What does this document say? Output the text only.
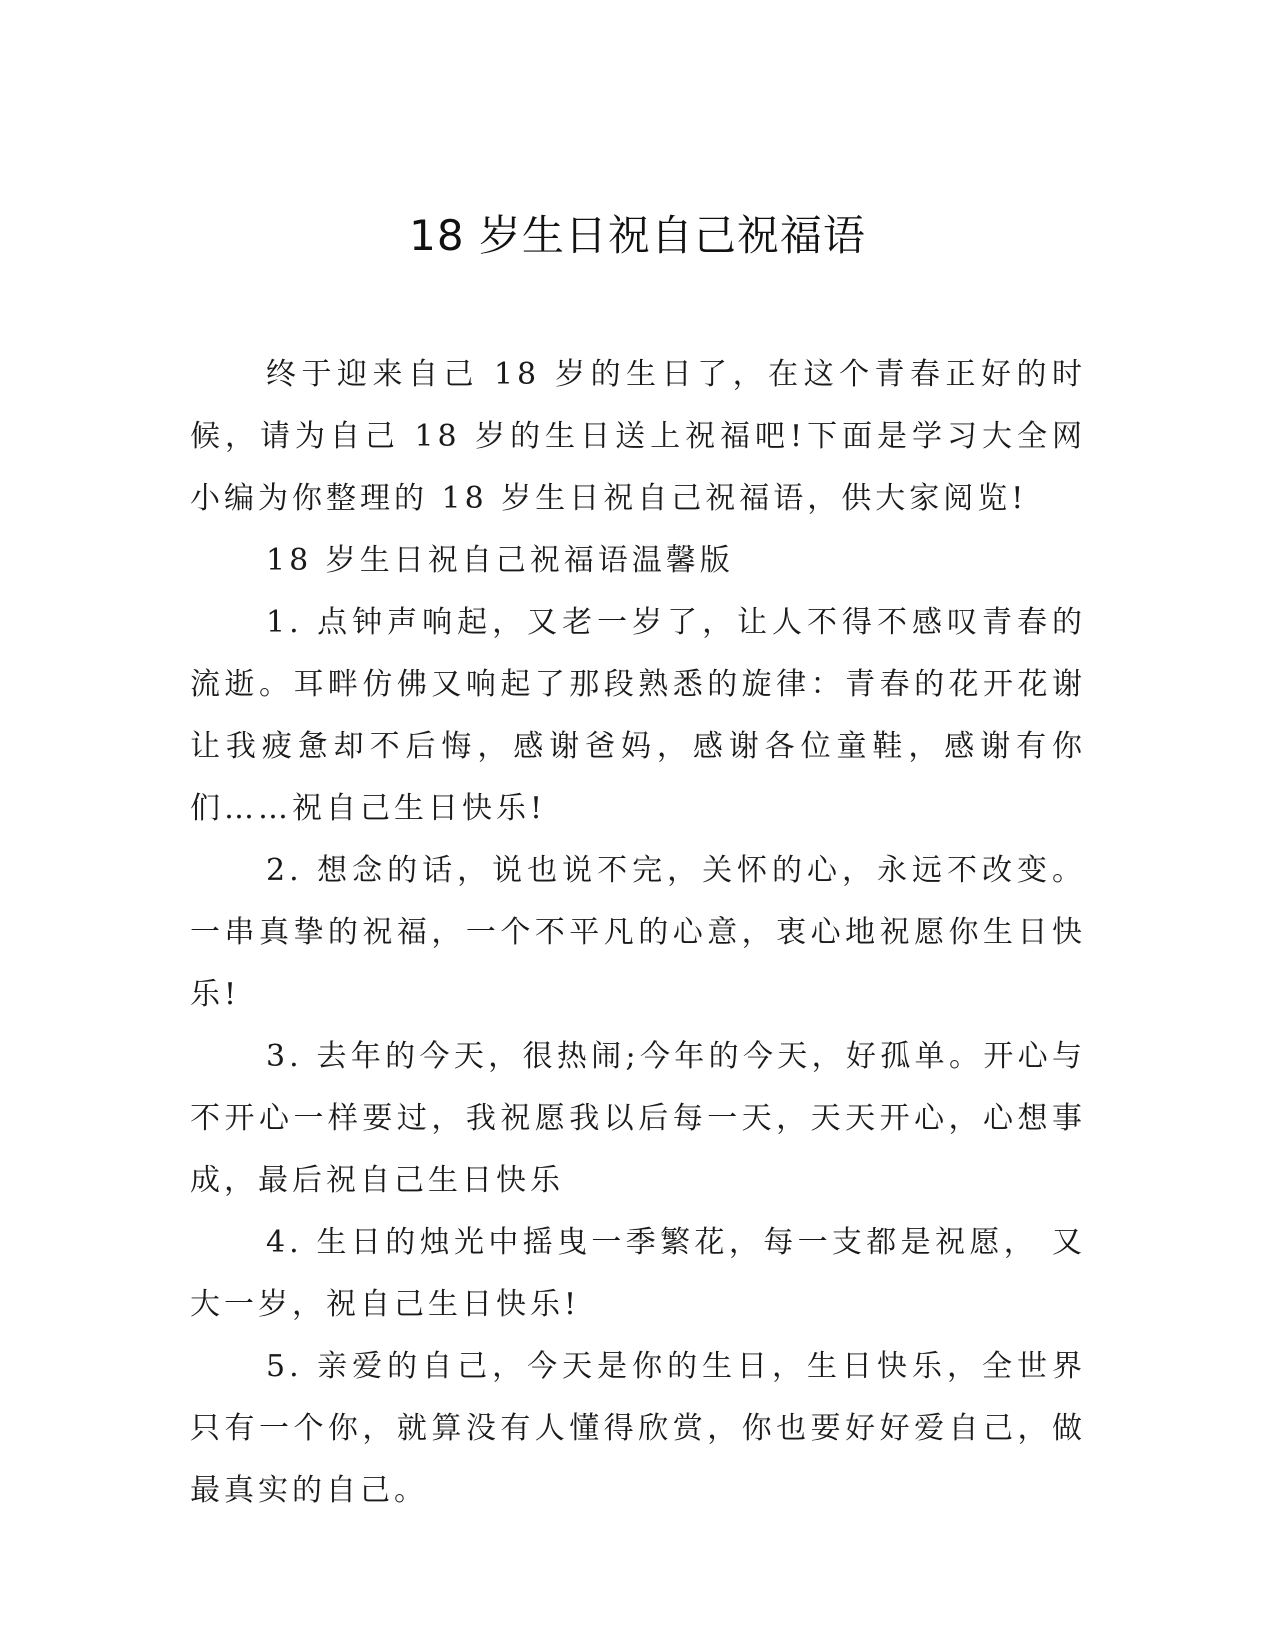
18 岁生日祝自己祝福语

终于迎来自己 18 岁的生日了，在这个青春正好的时候，请为自己 18 岁的生日送上祝福吧!下面是学习大全网小编为你整理的 18 岁生日祝自己祝福语，供大家阅览!

18 岁生日祝自己祝福语温馨版

1. 点钟声响起，又老一岁了，让人不得不感叹青春的流逝。耳畔仿佛又响起了那段熟悉的旋律：青春的花开花谢让我疲惫却不后悔，感谢爸妈，感谢各位童鞋，感谢有你们……祝自己生日快乐!

2. 想念的话，说也说不完，关怀的心，永远不改变。一串真挚的祝福，一个不平凡的心意，衷心地祝愿你生日快乐!

3. 去年的今天，很热闹;今年的今天，好孤单。开心与不开心一样要过，我祝愿我以后每一天，天天开心，心想事成，最后祝自己生日快乐

4. 生日的烛光中摇曳一季繁花，每一支都是祝愿， 又大一岁，祝自己生日快乐!

5. 亲爱的自己，今天是你的生日，生日快乐，全世界只有一个你，就算没有人懂得欣赏，你也要好好爱自己，做最真实的自己。
